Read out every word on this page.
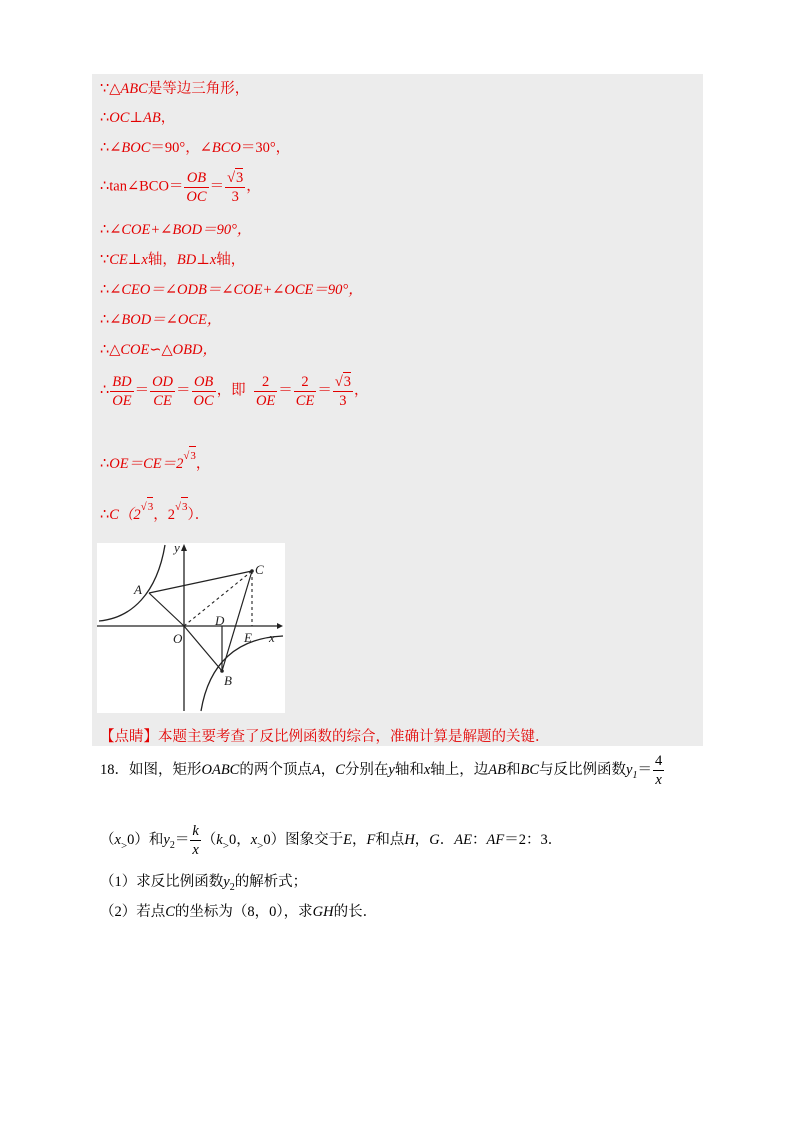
∵△ABC是等边三角形，
∴OC⊥AB，
∴∠BOC＝90°，∠BCO＝30°，
∴tan∠BCO＝ $\frac{OB}{OC} = \frac{√3}{3}$ ，
∴∠COE+∠BOD＝90°，
∵CE⊥x轴，BD⊥x轴，
∴∠CEO＝∠ODB＝∠COE+∠OCE＝90°，
∴∠BOD＝∠OCE，
∴△COE∽△OBD，
∴ $\frac{BD}{OE} = \frac{OD}{CE} = \frac{OB}{OC}$ ，即 $\frac{2}{OE} = \frac{2}{CE} = \frac{√3}{3}$ ，
$\therefore OE=CE=2^{√3}$，
$\therefore C(2^{√3}$，$2^{√3}$）．
y
x
A
C
O
D
E
B
【点睛】本题主要考查了反比例函数的综合，准确计算是解题的关键．
18．如图，矩形OABC的两个顶点A，C分别在y轴和x轴上，边AB和BC与反比例函数$y_1= \frac{4}{x}$
$(x_>0)$和$y_2= \frac{k}{x} (k_>0$，$x_>0$）图象交于E，F和点H，G．AE：AF＝2：3．
（1）求反比例函数$y_2$的解析式；
（2）若点C的坐标为（8，0），求GH的长．
